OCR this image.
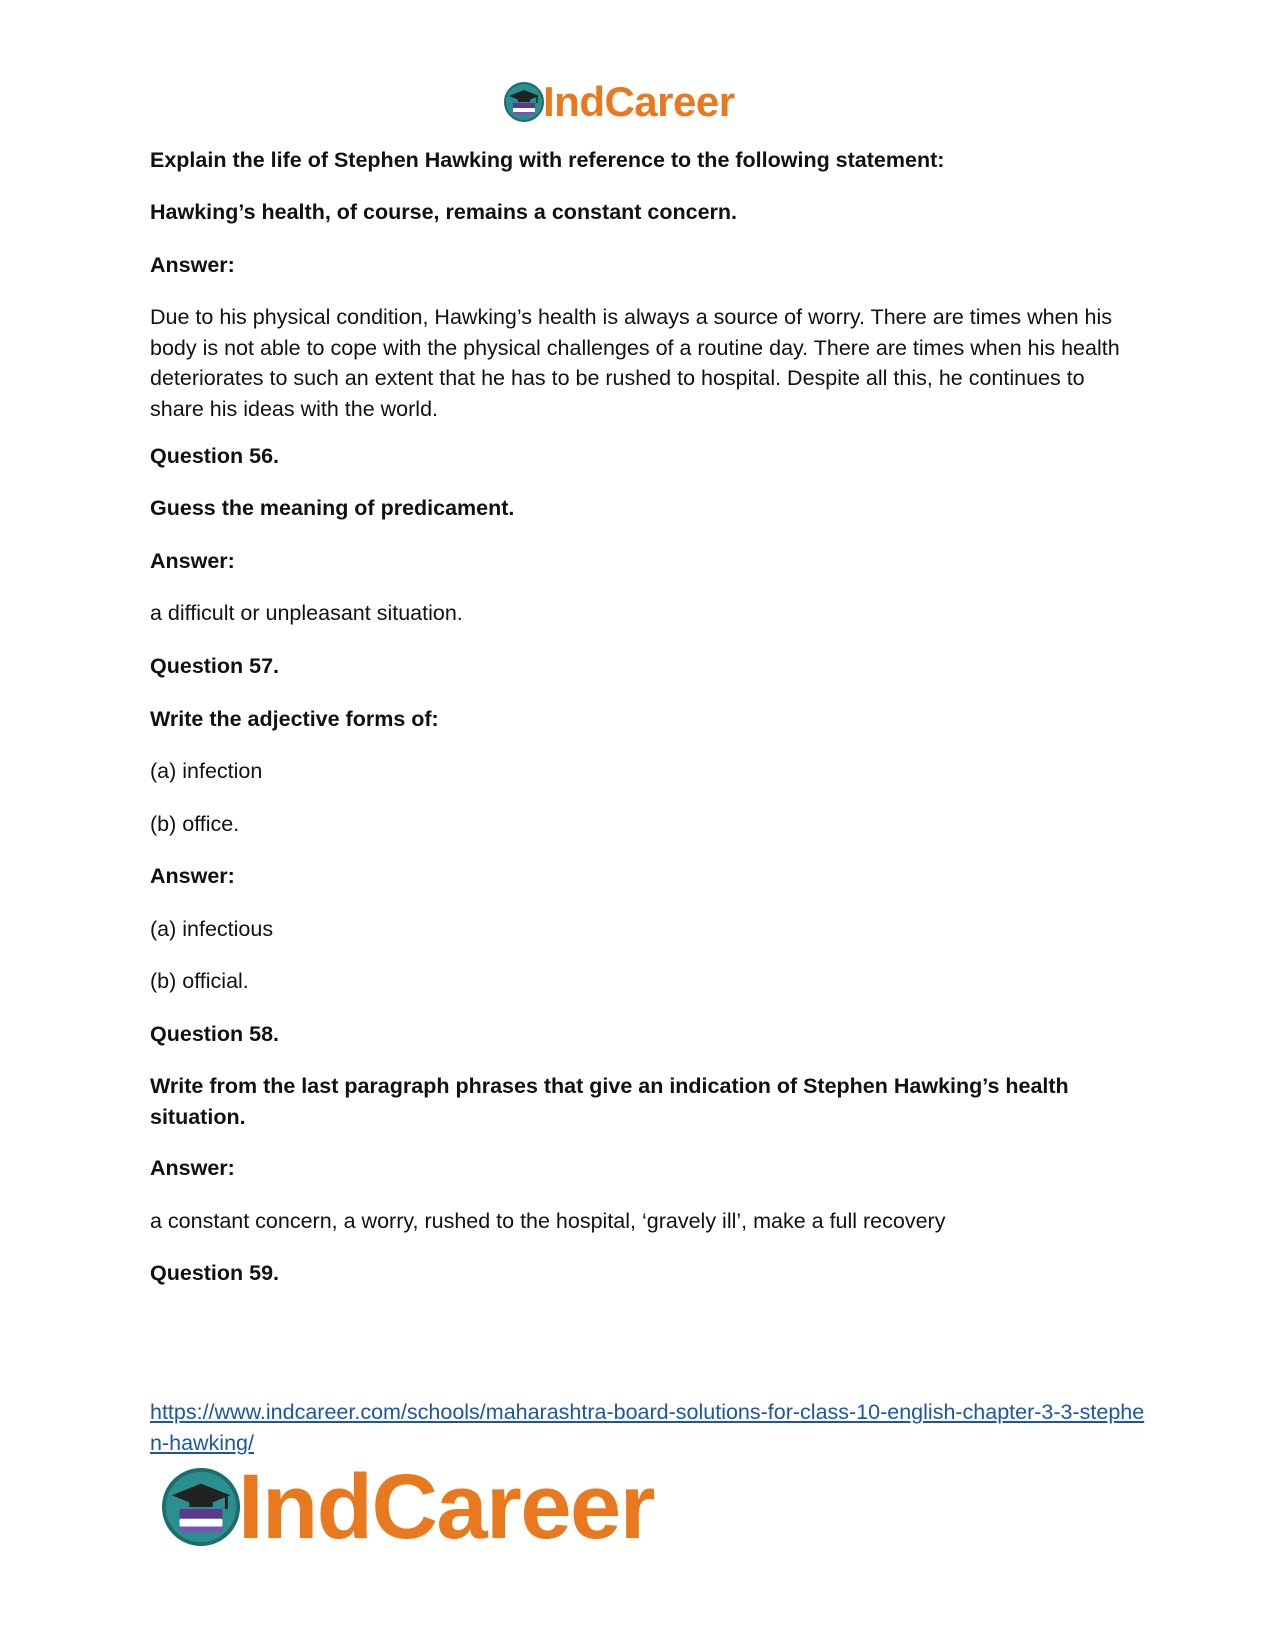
IndCareer
Explain the life of Stephen Hawking with reference to the following statement:
Hawking’s health, of course, remains a constant concern.
Answer:
Due to his physical condition, Hawking’s health is always a source of worry. There are times when his body is not able to cope with the physical challenges of a routine day. There are times when his health deteriorates to such an extent that he has to be rushed to hospital. Despite all this, he continues to share his ideas with the world.
Question 56.
Guess the meaning of predicament.
Answer:
a difficult or unpleasant situation.
Question 57.
Write the adjective forms of:
(a) infection
(b) office.
Answer:
(a) infectious
(b) official.
Question 58.
Write from the last paragraph phrases that give an indication of Stephen Hawking’s health situation.
Answer:
a constant concern, a worry, rushed to the hospital, ‘gravely ill’, make a full recovery
Question 59.
https://www.indcareer.com/schools/maharashtra-board-solutions-for-class-10-english-chapter-3-3-stephen-hawking/
IndCareer
